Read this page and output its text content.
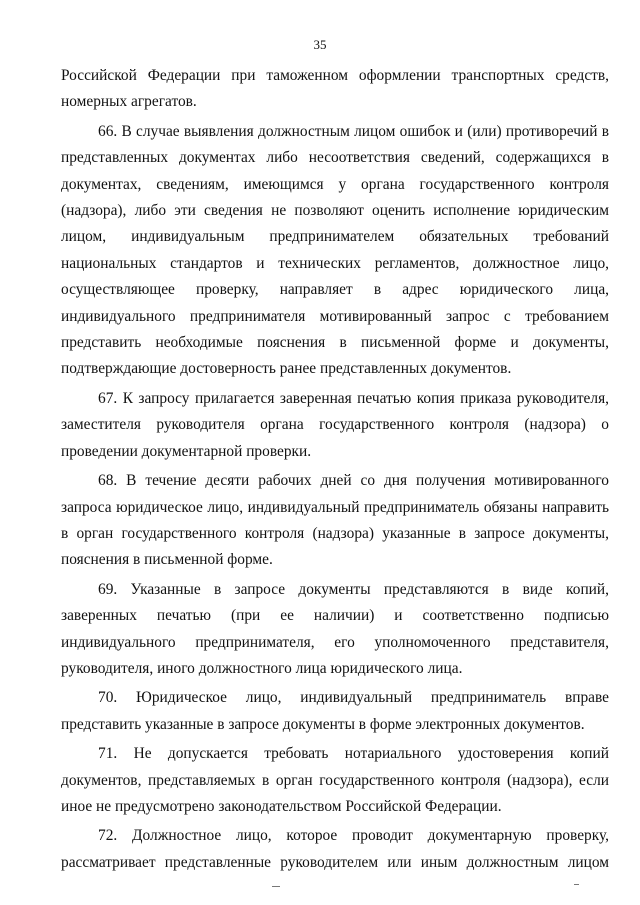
35

Российской Федерации при таможенном оформлении транспортных средств, номерных агрегатов.

66. В случае выявления должностным лицом ошибок и (или) противоречий в представленных документах либо несоответствия сведений, содержащихся в документах, сведениям, имеющимся у органа государственного контроля (надзора), либо эти сведения не позволяют оценить исполнение юридическим лицом, индивидуальным предпринимателем обязательных требований национальных стандартов и технических регламентов, должностное лицо, осуществляющее проверку, направляет в адрес юридического лица, индивидуального предпринимателя мотивированный запрос с требованием представить необходимые пояснения в письменной форме и документы, подтверждающие достоверность ранее представленных документов.

67. К запросу прилагается заверенная печатью копия приказа руководителя, заместителя руководителя органа государственного контроля (надзора) о проведении документарной проверки.

68. В течение десяти рабочих дней со дня получения мотивированного запроса юридическое лицо, индивидуальный предприниматель обязаны направить в орган государственного контроля (надзора) указанные в запросе документы, пояснения в письменной форме.

69. Указанные в запросе документы представляются в виде копий, заверенных печатью (при ее наличии) и соответственно подписью индивидуального предпринимателя, его уполномоченного представителя, руководителя, иного должностного лица юридического лица.

70. Юридическое лицо, индивидуальный предприниматель вправе представить указанные в запросе документы в форме электронных документов.

71. Не допускается требовать нотариального удостоверения копий документов, представляемых в орган государственного контроля (надзора), если иное не предусмотрено законодательством Российской Федерации.

72. Должностное лицо, которое проводит документарную проверку, рассматривает представленные руководителем или иным должностным лицом
